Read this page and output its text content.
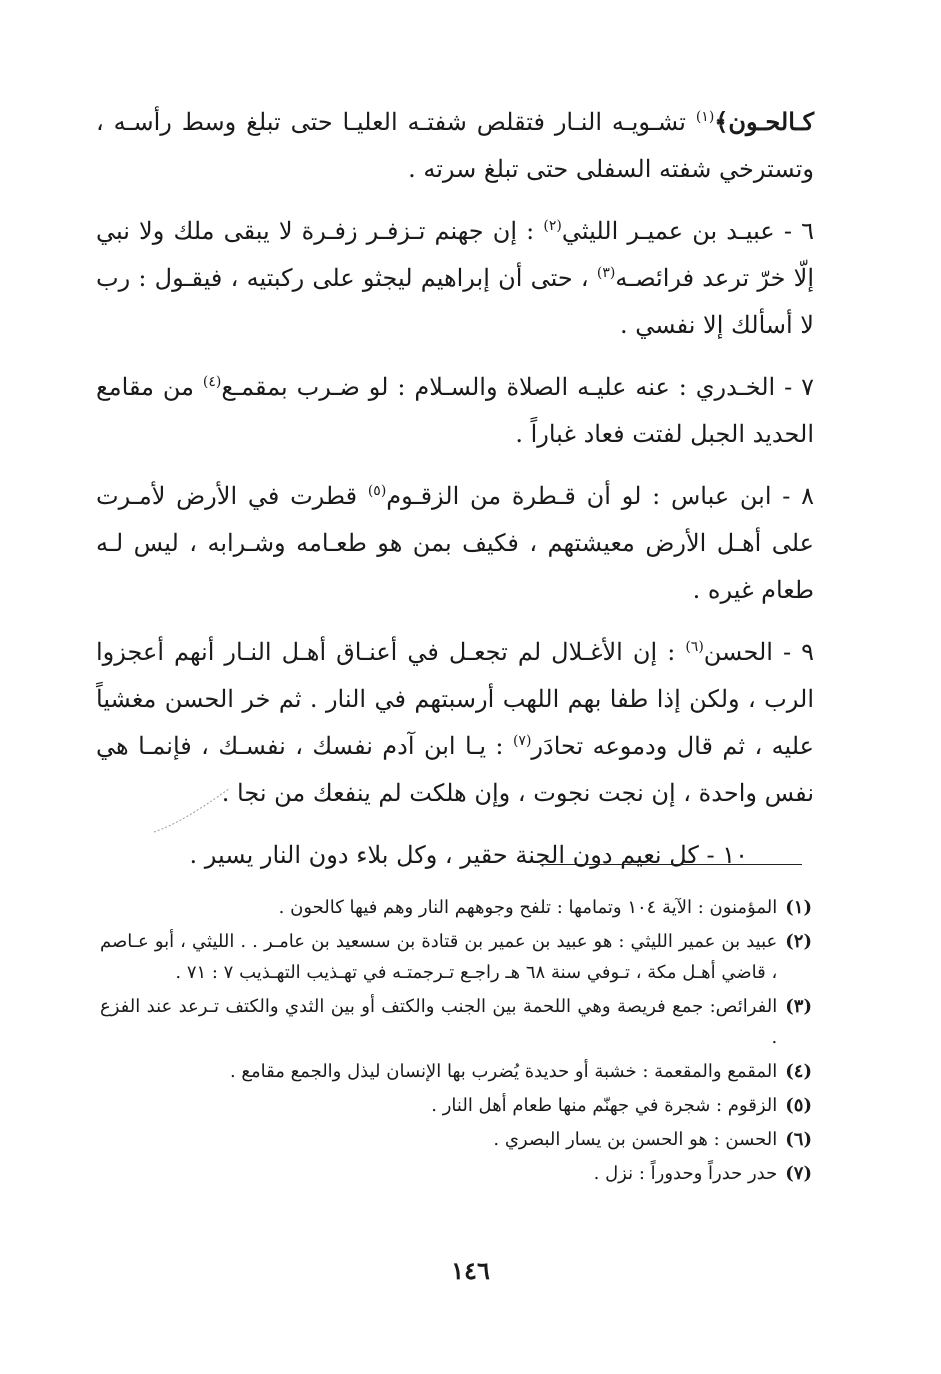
كـالحـون﴾$^{(١)}$ تشـويـه النـار فتقلص شفتـه العليـا حتى تبلغ وسط رأسـه ، وتسترخي شفته السفلى حتى تبلغ سرته .

٦ - عبيـد بن عميـر الليثي$^{(٢)}$ : إن جهنم تـزفـر زفـرة لا يبقى ملك ولا نبي إلّا خرّ ترعد فرائصـه$^{(٣)}$ ، حتى أن إبراهيم ليجثو على ركبتيه ، فيقـول : رب لا أسألك إلا نفسي .

٧ - الخـدري : عنه عليـه الصلاة والسـلام : لو ضـرب بمقمـع$^{(٤)}$ من مقامع الحديد الجبل لفتت فعاد غباراً .

٨ - ابن عباس : لو أن قـطرة من الزقـوم$^{(٥)}$ قطرت في الأرض لأمـرت على أهـل الأرض معيشتهم ، فكيف بمن هو طعـامه وشـرابه ، ليس لـه طعام غيره .

٩ - الحسن$^{(٦)}$ : إن الأغـلال لم تجعـل في أعنـاق أهـل النـار أنهم أعجزوا الرب ، ولكن إذا طفا بهم اللهب أرسبتهم في النار . ثم خر الحسن مغشياً عليه ، ثم قال ودموعه تحادَر$^{(٧)}$ : يـا ابن آدم نفسك ، نفسـك ، فإنمـا هي نفس واحدة ، إن نجت نجوت ، وإن هلكت لم ينفعك من نجا .

١٠ - كل نعيم دون الجنة حقير ، وكل بلاء دون النار يسير .

(١)
المؤمنون : الآية ١٠٤ وتمامها : تلفح وجوههم النار وهم فيها كالحون .
(٢)
عبيد بن عمير الليثي : هو عبيد بن عمير بن قتادة بن سسعيد بن عامـر . . الليثي ، أبو عـاصم ، قاضي أهـل مكة ، تـوفي سنة ٦٨ هـ راجـع تـرجمتـه في تهـذيب التهـذيب ٧ : ٧١ .
(٣)
الفرائص: جمع فريصة وهي اللحمة بين الجنب والكتف أو بين الثدي والكتف تـرعد عند الفزع .
(٤)
المقمع والمقعمة : خشبة أو حديدة يُضرب بها الإنسان ليذل والجمع مقامع .
(٥)
الزقوم : شجرة في جهنّم منها طعام أهل النار .
(٦)
الحسن : هو الحسن بن يسار البصري .
(٧)
حدر حدراً وحدوراً : نزل .
١٤٦
